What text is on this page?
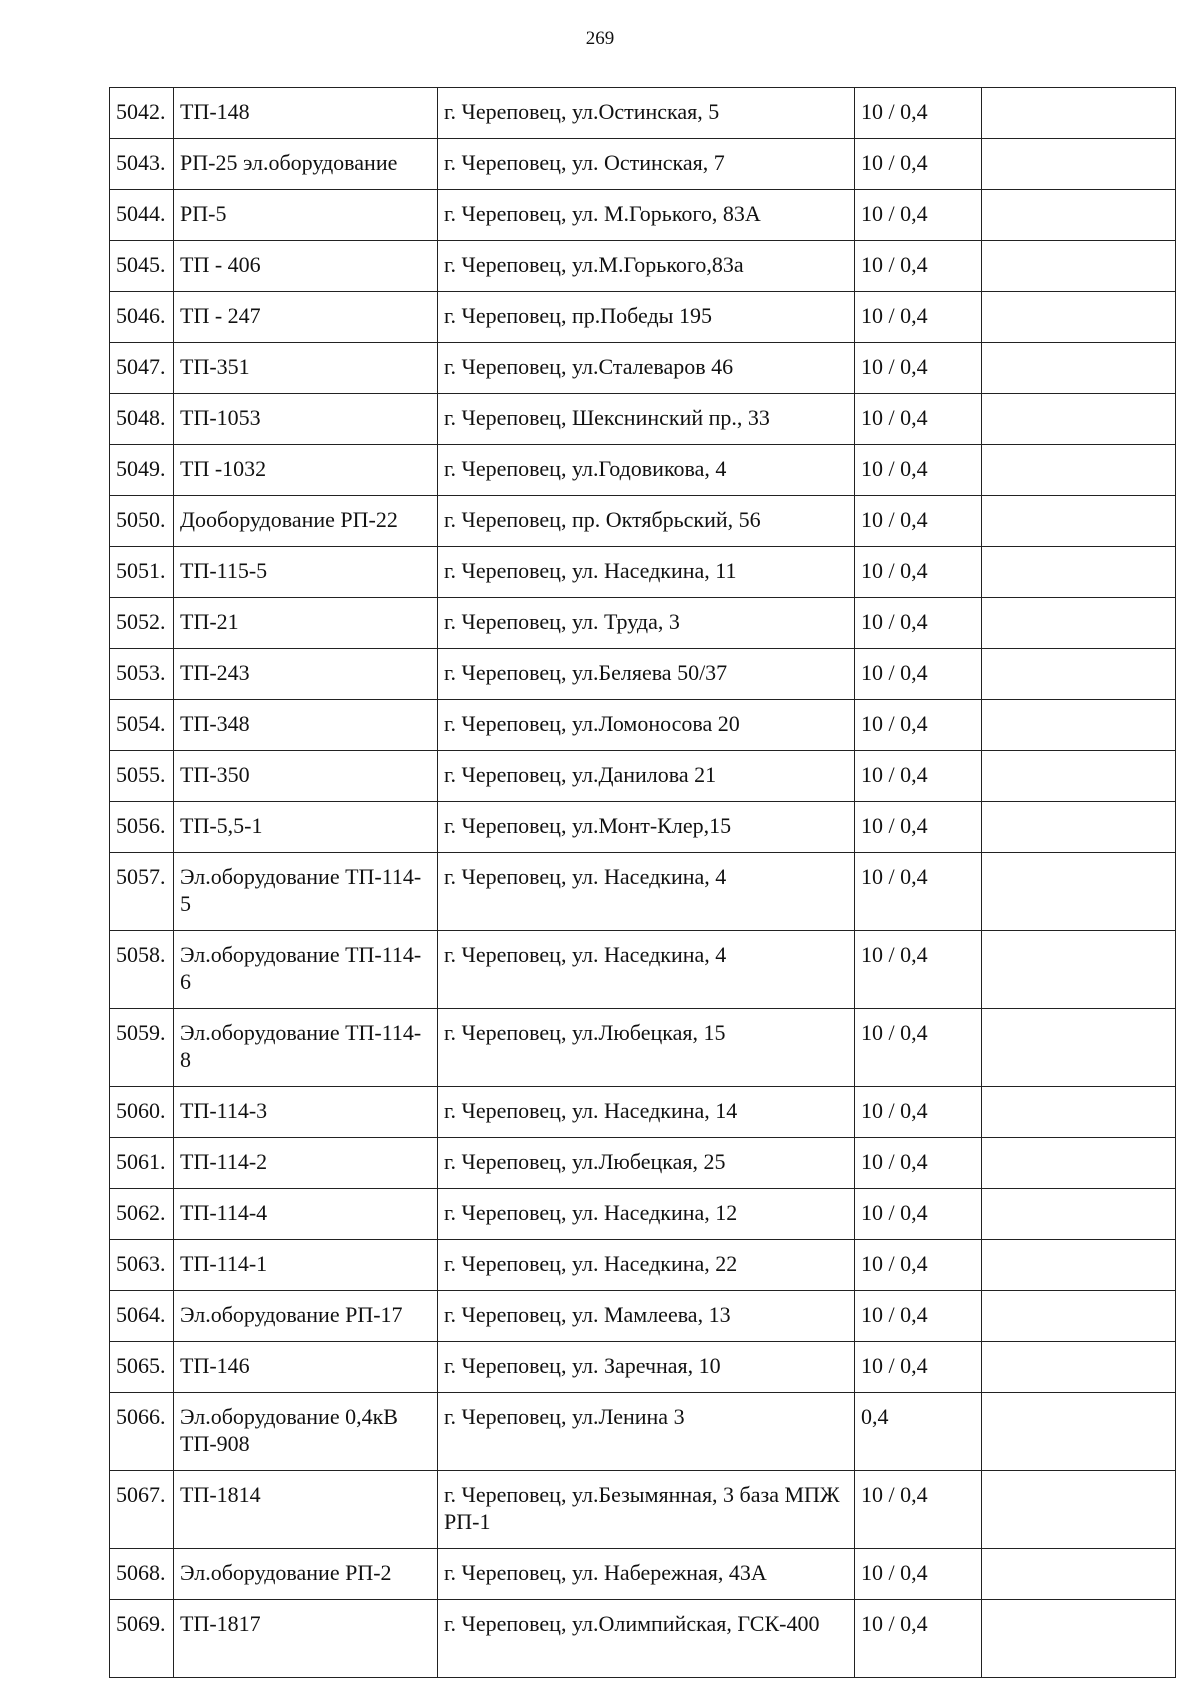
269
5042.	ТП-148	г. Череповец, ул.Остинская, 5	10 / 0,4	
5043.	РП-25 эл.оборудование	г. Череповец, ул. Остинская, 7	10 / 0,4	
5044.	РП-5	г. Череповец, ул. М.Горького, 83А	10 / 0,4	
5045.	ТП - 406	г. Череповец, ул.М.Горького,83а	10 / 0,4	
5046.	ТП - 247	г. Череповец, пр.Победы 195	10 / 0,4	
5047.	ТП-351	г. Череповец, ул.Сталеваров 46	10 / 0,4	
5048.	ТП-1053	г. Череповец, Шекснинский пр., 33	10 / 0,4	
5049.	ТП -1032	г. Череповец, ул.Годовикова, 4	10 / 0,4	
5050.	Дооборудование РП-22	г. Череповец, пр. Октябрьский, 56	10 / 0,4	
5051.	ТП-115-5	г. Череповец, ул. Наседкина, 11	10 / 0,4	
5052.	ТП-21	г. Череповец, ул. Труда, 3	10 / 0,4	
5053.	ТП-243	г. Череповец, ул.Беляева 50/37	10 / 0,4	
5054.	ТП-348	г. Череповец, ул.Ломоносова 20	10 / 0,4	
5055.	ТП-350	г. Череповец, ул.Данилова 21	10 / 0,4	
5056.	ТП-5,5-1	г. Череповец, ул.Монт-Клер,15	10 / 0,4	
5057.	Эл.оборудование ТП-114-5	г. Череповец, ул. Наседкина, 4	10 / 0,4	
5058.	Эл.оборудование ТП-114-6	г. Череповец, ул. Наседкина, 4	10 / 0,4	
5059.	Эл.оборудование ТП-114-8	г. Череповец, ул.Любецкая, 15	10 / 0,4	
5060.	ТП-114-3	г. Череповец, ул. Наседкина, 14	10 / 0,4	
5061.	ТП-114-2	г. Череповец, ул.Любецкая, 25	10 / 0,4	
5062.	ТП-114-4	г. Череповец, ул. Наседкина, 12	10 / 0,4	
5063.	ТП-114-1	г. Череповец, ул. Наседкина, 22	10 / 0,4	
5064.	Эл.оборудование РП-17	г. Череповец, ул. Мамлеева, 13	10 / 0,4	
5065.	ТП-146	г. Череповец, ул. Заречная, 10	10 / 0,4	
5066.	Эл.оборудование 0,4кВ ТП-908	г. Череповец, ул.Ленина 3	0,4	
5067.	ТП-1814	г. Череповец, ул.Безымянная, 3 база МПЖ РП-1	10 / 0,4	
5068.	Эл.оборудование РП-2	г. Череповец, ул. Набережная, 43А	10 / 0,4	
5069.	ТП-1817	г. Череповец, ул.Олимпийская, ГСК-400	10 / 0,4	
